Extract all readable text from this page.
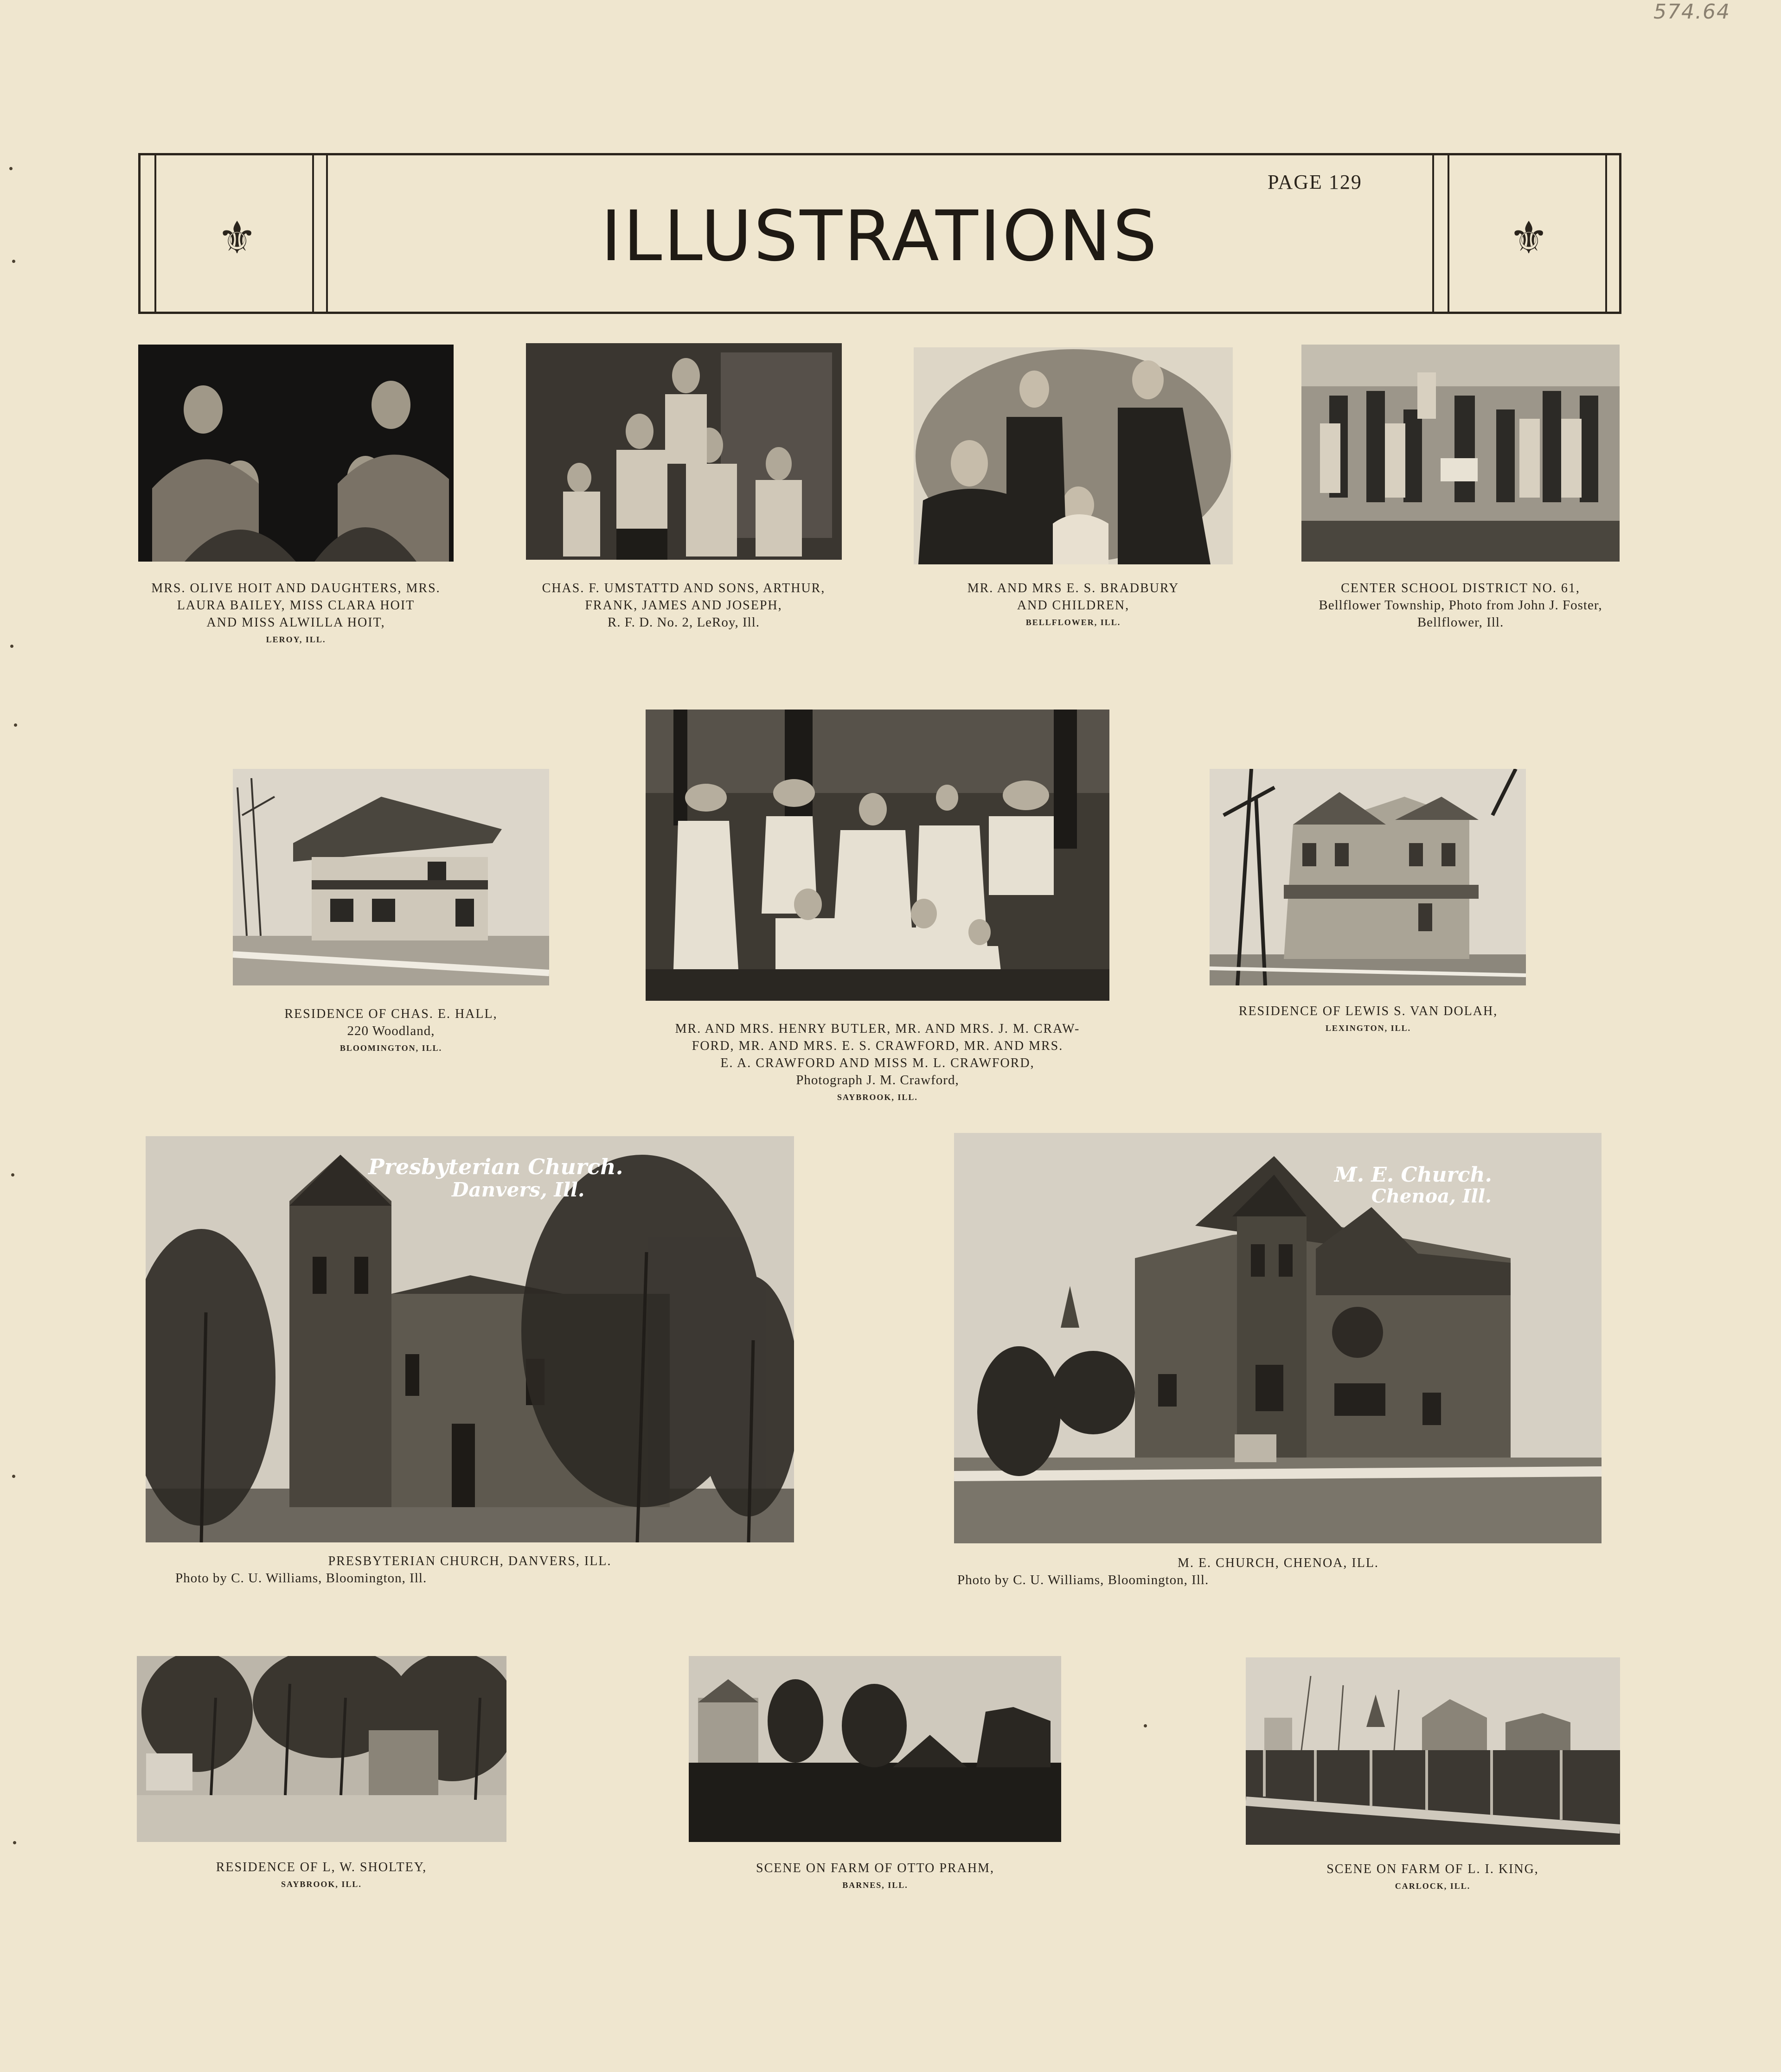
574.64
⚜	⚜
ILLUSTRATIONS
PAGE 129
MRS. OLIVE HOIT AND DAUGHTERS, MRS.
LAURA BAILEY, MISS CLARA HOIT
AND MISS ALWILLA HOIT,
LEROY, ILL.
CHAS. F. UMSTATTD AND SONS, ARTHUR,
FRANK, JAMES AND JOSEPH,
R. F. D. No. 2, LeRoy, Ill.
MR. AND MRS E. S. BRADBURY
AND CHILDREN,
BELLFLOWER, ILL.
CENTER SCHOOL DISTRICT NO. 61,
Bellflower Township, Photo from John J. Foster,
Bellflower, Ill.
RESIDENCE OF CHAS. E. HALL,
220 Woodland,
BLOOMINGTON, ILL.
MR. AND MRS. HENRY BUTLER, MR. AND MRS. J. M. CRAW-
FORD, MR. AND MRS. E. S. CRAWFORD, MR. AND MRS.
E. A. CRAWFORD AND MISS M. L. CRAWFORD,
Photograph J. M. Crawford,
SAYBROOK, ILL.
RESIDENCE OF LEWIS S. VAN DOLAH,
LEXINGTON, ILL.
Presbyterian Church.
Danvers, Ill.
PRESBYTERIAN CHURCH, DANVERS, ILL.
Photo by C. U. Williams, Bloomington, Ill.
M. E. Church.
Chenoa, Ill.
M. E. CHURCH, CHENOA, ILL.
Photo by C. U. Williams, Bloomington, Ill.
RESIDENCE OF L, W. SHOLTEY,
SAYBROOK, ILL.
SCENE ON FARM OF OTTO PRAHM,
BARNES, ILL.
SCENE ON FARM OF L. I. KING,
CARLOCK, ILL.
